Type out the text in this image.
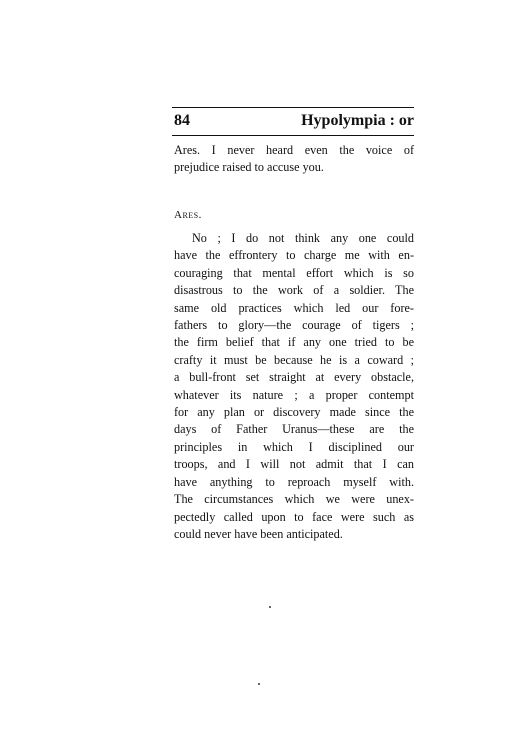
84	Hypolympia : or
Ares. I never heard even the voice of
prejudice raised to accuse you.
Ares.
No ; I do not think any one could
have the effrontery to charge me with en-
couraging that mental effort which is so
disastrous to the work of a soldier. The
same old practices which led our fore-
fathers to glory—the courage of tigers ;
the firm belief that if any one tried to be
crafty it must be because he is a coward ;
a bull-front set straight at every obstacle,
whatever its nature ; a proper contempt
for any plan or discovery made since the
days of Father Uranus—these are the
principles in which I disciplined our
troops, and I will not admit that I can
have anything to reproach myself with.
The circumstances which we were unex-
pectedly called upon to face were such as
could never have been anticipated.
